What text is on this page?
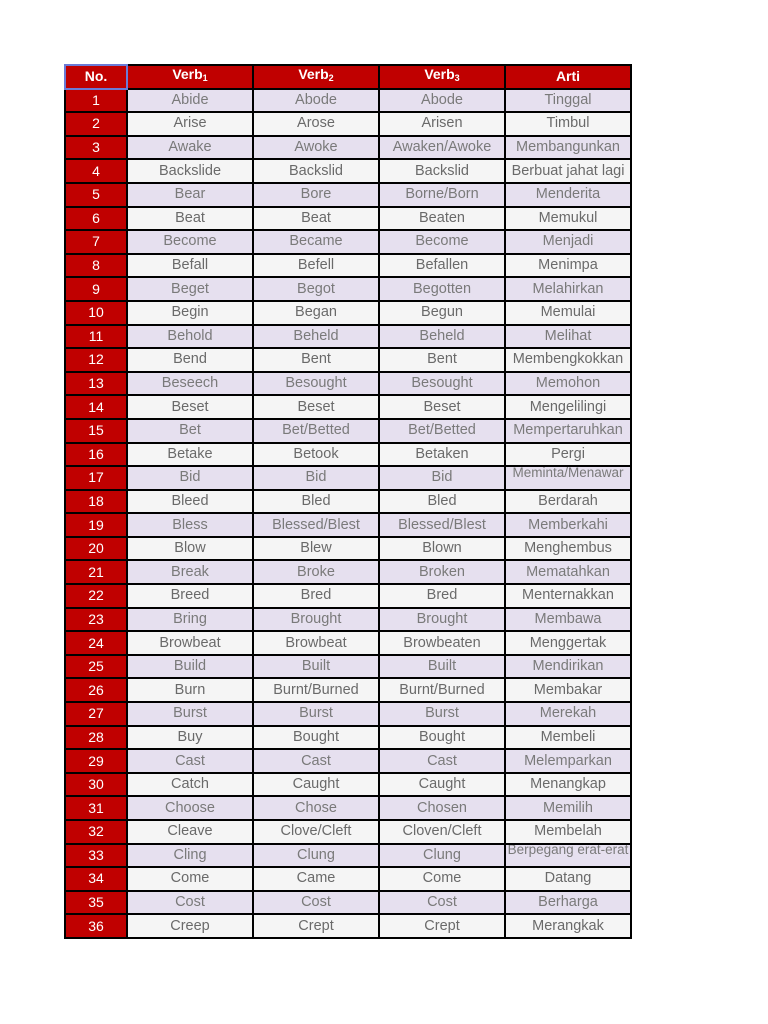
No.	Verb$_1$	Verb$_2$	Verb$_3$	Arti
1	Abide	Abode	Abode	Tinggal
2	Arise	Arose	Arisen	Timbul
3	Awake	Awoke	Awaken/Awoke	Membangunkan
4	Backslide	Backslid	Backslid	Berbuat jahat lagi
5	Bear	Bore	Borne/Born	Menderita
6	Beat	Beat	Beaten	Memukul
7	Become	Became	Become	Menjadi
8	Befall	Befell	Befallen	Menimpa
9	Beget	Begot	Begotten	Melahirkan
10	Begin	Began	Begun	Memulai
11	Behold	Beheld	Beheld	Melihat
12	Bend	Bent	Bent	Membengkokkan
13	Beseech	Besought	Besought	Memohon
14	Beset	Beset	Beset	Mengelilingi
15	Bet	Bet/Betted	Bet/Betted	Mempertaruhkan
16	Betake	Betook	Betaken	Pergi
17	Bid	Bid	Bid	Meminta/Menawar

18	Bleed	Bled	Bled	Berdarah
19	Bless	Blessed/Blest	Blessed/Blest	Memberkahi
20	Blow	Blew	Blown	Menghembus
21	Break	Broke	Broken	Mematahkan
22	Breed	Bred	Bred	Menternakkan
23	Bring	Brought	Brought	Membawa
24	Browbeat	Browbeat	Browbeaten	Menggertak
25	Build	Built	Built	Mendirikan
26	Burn	Burnt/Burned	Burnt/Burned	Membakar
27	Burst	Burst	Burst	Merekah
28	Buy	Bought	Bought	Membeli
29	Cast	Cast	Cast	Melemparkan
30	Catch	Caught	Caught	Menangkap
31	Choose	Chose	Chosen	Memilih
32	Cleave	Clove/Cleft	Cloven/Cleft	Membelah
33	Cling	Clung	Clung	Berpegang erat-erat

34	Come	Came	Come	Datang
35	Cost	Cost	Cost	Berharga
36	Creep	Crept	Crept	Merangkak
